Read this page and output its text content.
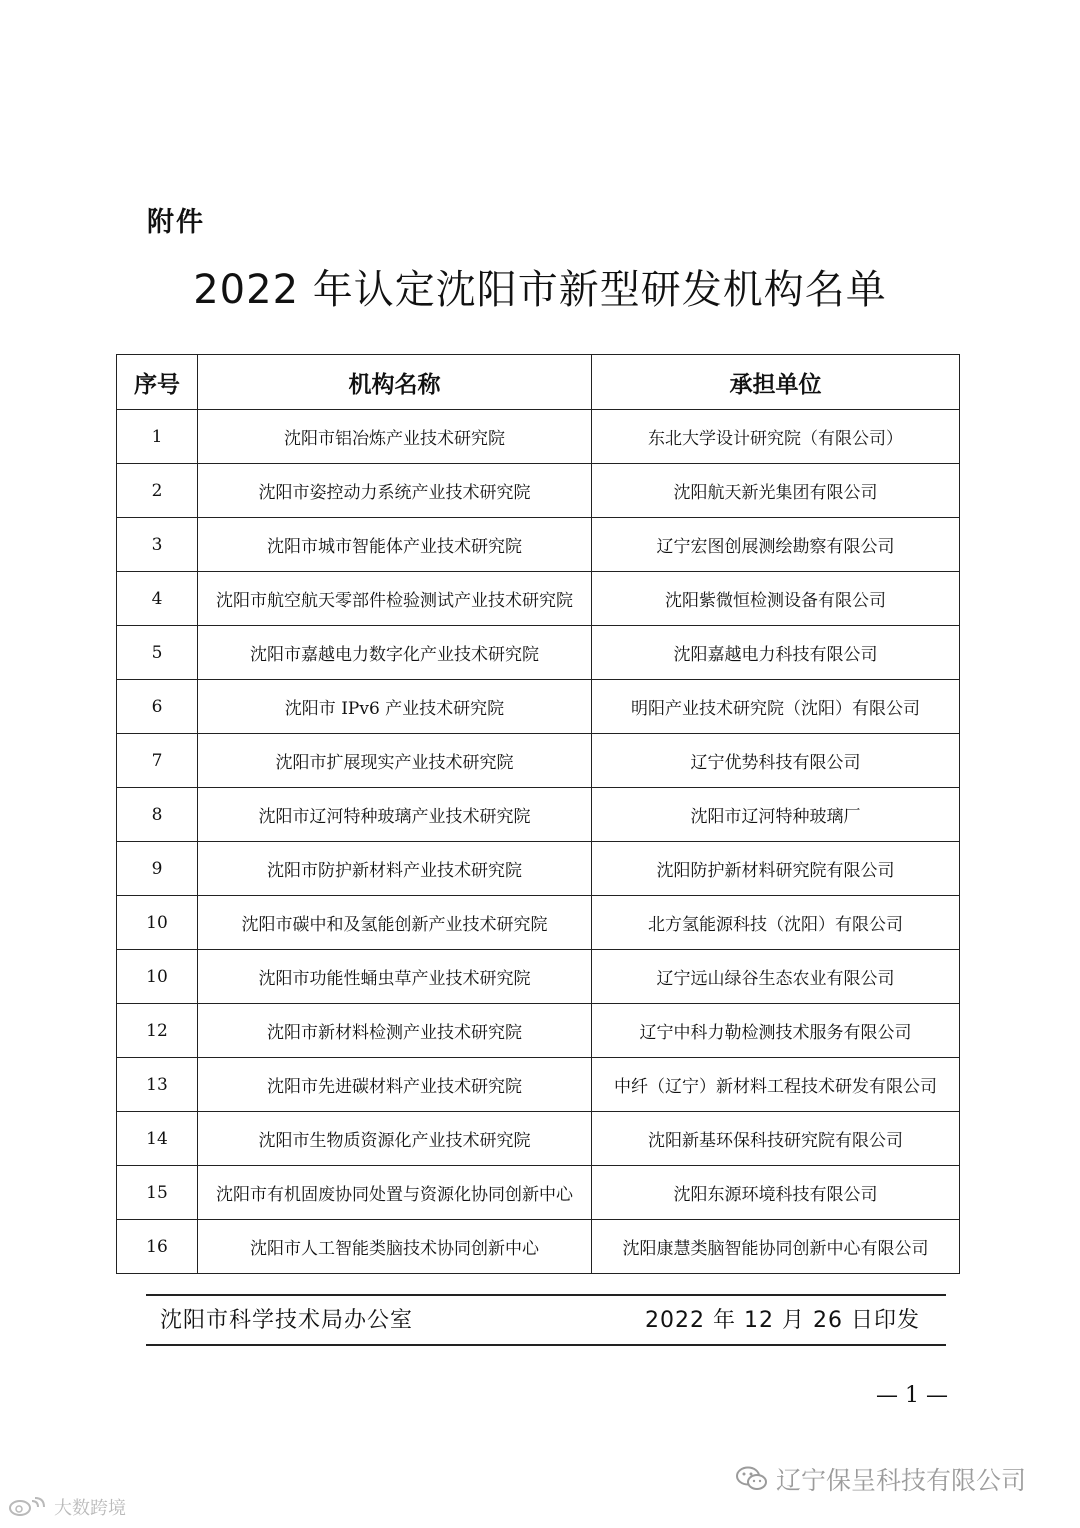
附件
2022 年认定沈阳市新型研发机构名单
序号	机构名称	承担单位
1	沈阳市铝冶炼产业技术研究院	东北大学设计研究院（有限公司）
2	沈阳市姿控动力系统产业技术研究院	沈阳航天新光集团有限公司
3	沈阳市城市智能体产业技术研究院	辽宁宏图创展测绘勘察有限公司
4	沈阳市航空航天零部件检验测试产业技术研究院	沈阳紫微恒检测设备有限公司
5	沈阳市嘉越电力数字化产业技术研究院	沈阳嘉越电力科技有限公司
6	沈阳市 IPv6 产业技术研究院	明阳产业技术研究院（沈阳）有限公司
7	沈阳市扩展现实产业技术研究院	辽宁优势科技有限公司
8	沈阳市辽河特种玻璃产业技术研究院	沈阳市辽河特种玻璃厂
9	沈阳市防护新材料产业技术研究院	沈阳防护新材料研究院有限公司
10	沈阳市碳中和及氢能创新产业技术研究院	北方氢能源科技（沈阳）有限公司
10	沈阳市功能性蛹虫草产业技术研究院	辽宁远山绿谷生态农业有限公司
12	沈阳市新材料检测产业技术研究院	辽宁中科力勒检测技术服务有限公司
13	沈阳市先进碳材料产业技术研究院	中纤（辽宁）新材料工程技术研发有限公司
14	沈阳市生物质资源化产业技术研究院	沈阳新基环保科技研究院有限公司
15	沈阳市有机固废协同处置与资源化协同创新中心	沈阳东源环境科技有限公司
16	沈阳市人工智能类脑技术协同创新中心	沈阳康慧类脑智能协同创新中心有限公司
沈阳市科学技术局办公室	2022 年 12 月 26 日印发
— 1 —
辽宁保呈科技有限公司
大数跨境
